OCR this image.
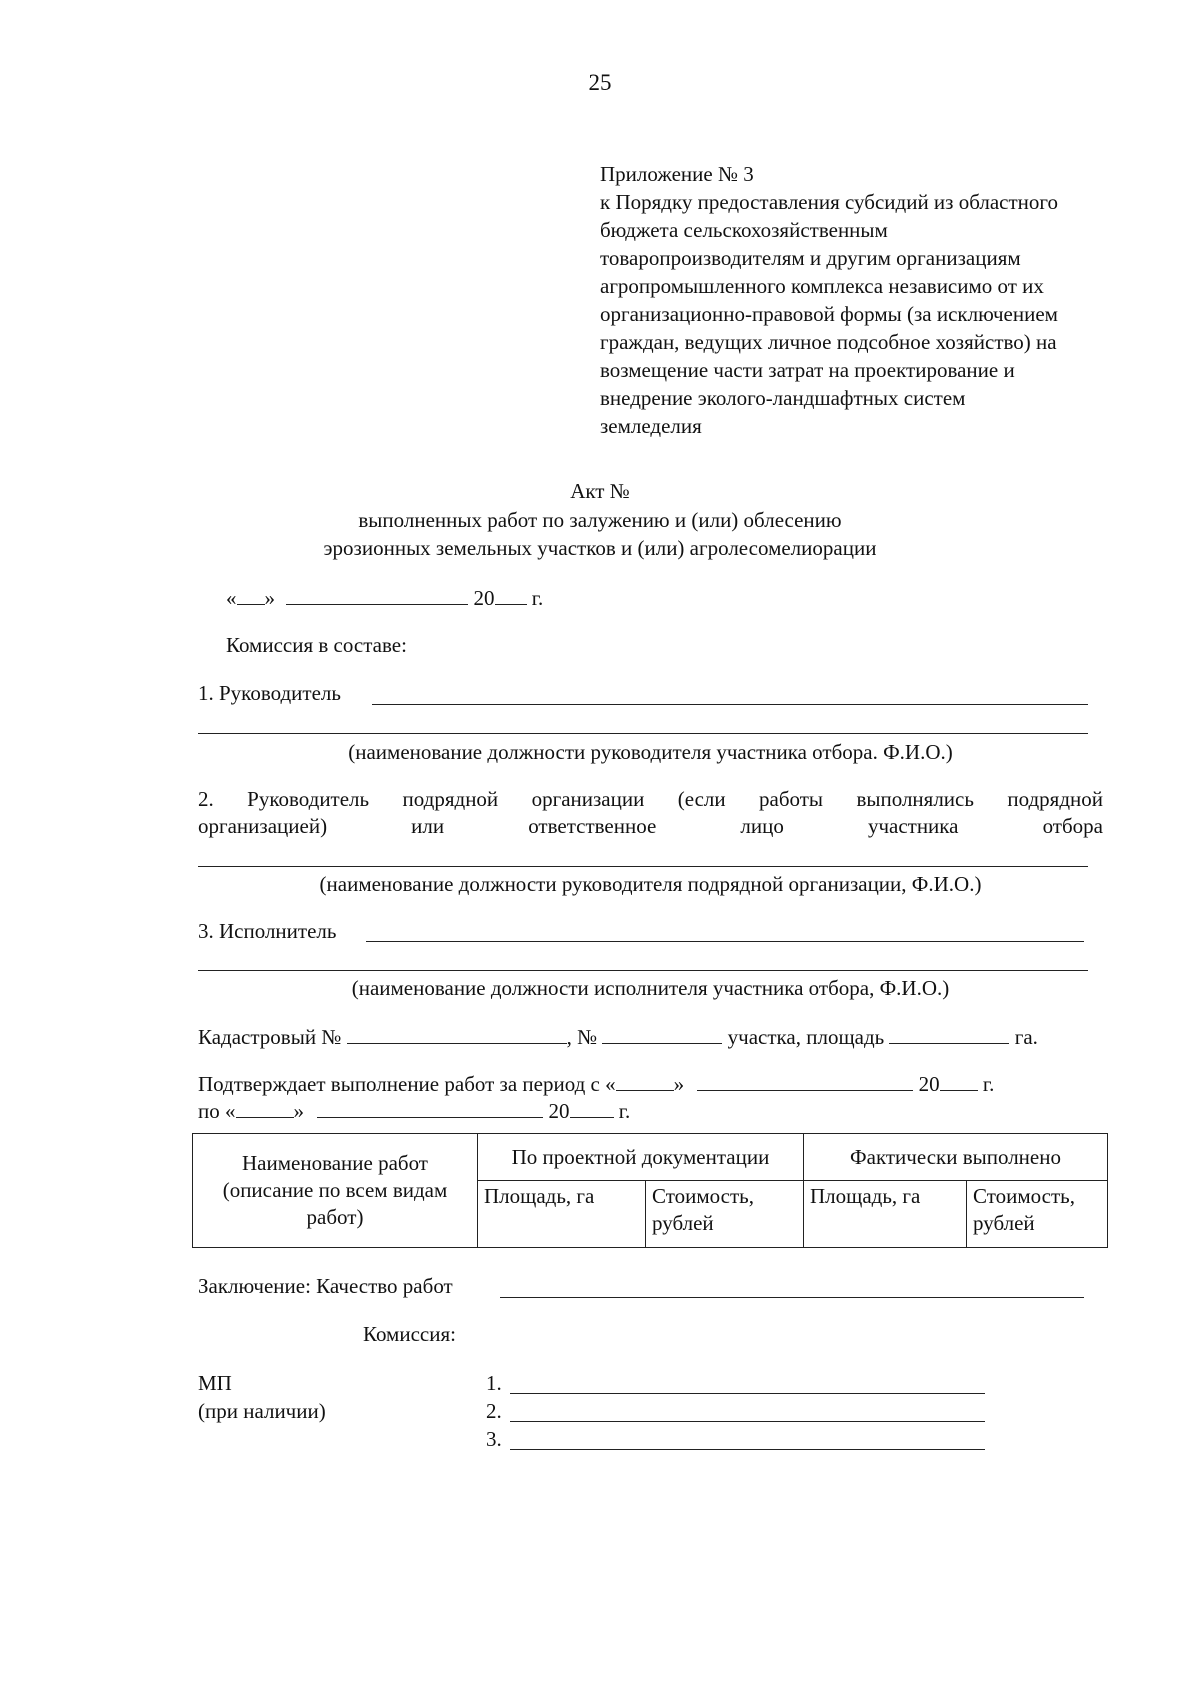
25
Приложение № 3
к Порядку предоставления субсидий из областного
бюджета сельскохозяйственным
товаропроизводителям и другим организациям
агропромышленного комплекса независимо от их
организационно-правовой формы (за исключением
граждан, ведущих личное подсобное хозяйство) на
возмещение части затрат на проектирование и
внедрение эколого-ландшафтных систем
земледелия
Акт №
выполненных работ по залужению и (или) облесению
эрозионных земельных участков и (или) агролесомелиорации
« »	20 г.
Комиссия в составе:
1. Руководитель
(наименование должности руководителя участника отбора. Ф.И.О.)
2. Руководитель подрядной организации (если работы выполнялись подрядной
организацией)	или	ответственное	лицо	участника	отбора
(наименование должности руководителя подрядной организации, Ф.И.О.)
3. Исполнитель
(наименование должности исполнителя участника отбора, Ф.И.О.)
Кадастровый №	, №	участка, площадь	га.
Подтверждает выполнение работ за период с «	»	20 г.
по «	»	20 г.
Наименование работ (описание по всем видам работ)	По проектной документации		Фактически выполнено	
	Площадь, га	Стоимость, рублей	Площадь, га	Стоимость, рублей
Заключение: Качество работ
Комиссия:
МП
(при наличии)
1.
2.
3.
